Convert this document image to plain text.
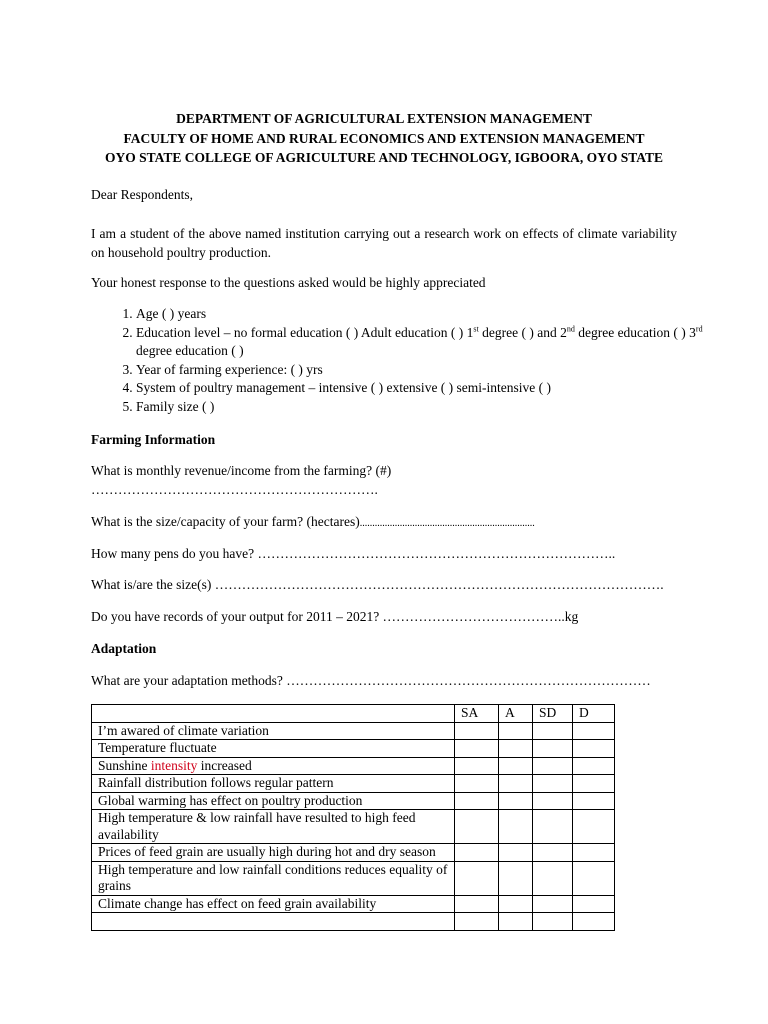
DEPARTMENT OF AGRICULTURAL EXTENSION MANAGEMENT
FACULTY OF HOME AND RURAL ECONOMICS AND EXTENSION MANAGEMENT
OYO STATE COLLEGE OF AGRICULTURE AND TECHNOLOGY, IGBOORA, OYO STATE
Dear Respondents,
I am a student of the above named institution carrying out a research work on effects of climate variability on household poultry production.
Your honest response to the questions asked would be highly appreciated
1. Age ( ) years
2. Education level – no formal education ( ) Adult education ( ) 1st degree ( ) and 2nd degree education ( ) 3rd degree education ( )
3. Year of farming experience: ( ) yrs
4. System of poultry management – intensive ( ) extensive ( ) semi-intensive ( )
5. Family size ( )
Farming Information
What is monthly revenue/income from the farming? (#)
……………………………………………………….
What is the size/capacity of your farm? (hectares)......................................................................
How many pens do you have? ……………………………………………………………………..
What is/are the size(s) ……………………………………………………………………………………….
Do you have records of your output for 2011 – 2021? …………………………………..kg
Adaptation
What are your adaptation methods? ………………………………………………………………………
	SA	A	SD	D
I’m awared of climate variation				
Temperature fluctuate				
Sunshine intensity increased				
Rainfall distribution follows regular pattern				
Global warming has effect on poultry production				
High temperature & low rainfall have resulted to high feed availability				
Prices of feed grain are usually high during hot and dry season				
High temperature and low rainfall conditions reduces equality of grains				
Climate change has effect on feed grain availability				
